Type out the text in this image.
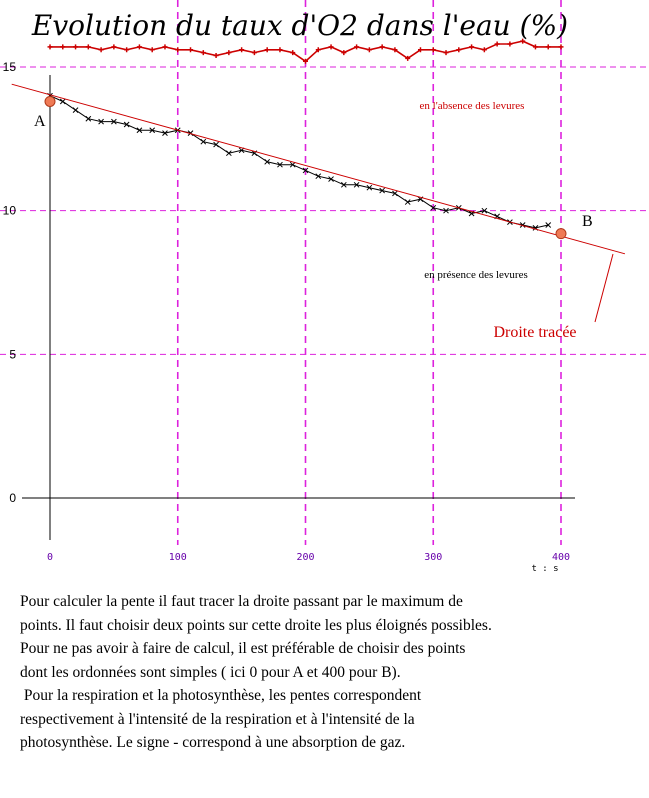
0
5
10
15
0	100	200	300	400
Evolution du taux d'O2 dans l'eau (%)
t : s
en l'absence des levures
en présence des levures
Droite tracée
A
B

Pour calculer la pente il faut tracer la droite passant par le maximum de

points. Il faut choisir deux points sur cette droite les plus éloignés possibles.

Pour ne pas avoir à faire de calcul, il est préférable de choisir des points

dont les ordonnées sont simples ( ici 0 pour A et 400 pour B).

Pour la respiration et la photosynthèse, les pentes correspondent

respectivement à l'intensité de la respiration et à l'intensité de la

photosynthèse. Le signe - correspond à une absorption de gaz.
